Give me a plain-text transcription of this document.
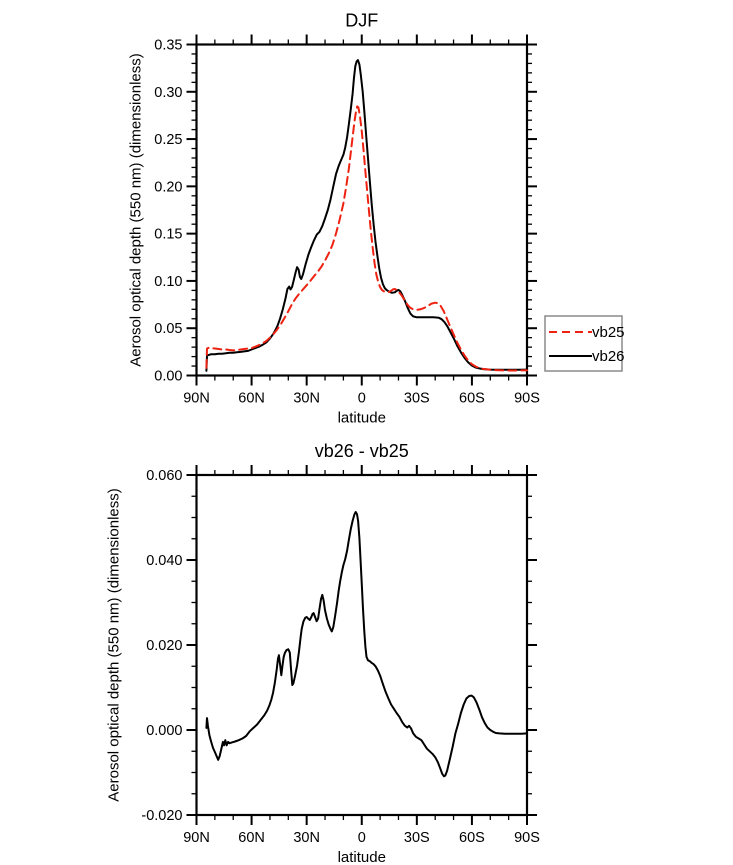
90N 60N 30N	0	30S 60S 90S
0.00
0.05
0.10
0.15
0.20
0.25
0.30
0.35
DJF
latitude
Aerosol optical depth (550 nm) (dimensionless)	vb25
vb26
90N 60N 30N	0	30S 60S 90S
-0.020
0.000
0.020
0.040
0.060
vb26 - vb25
latitude
Aerosol optical depth (550 nm) (dimensionless)
